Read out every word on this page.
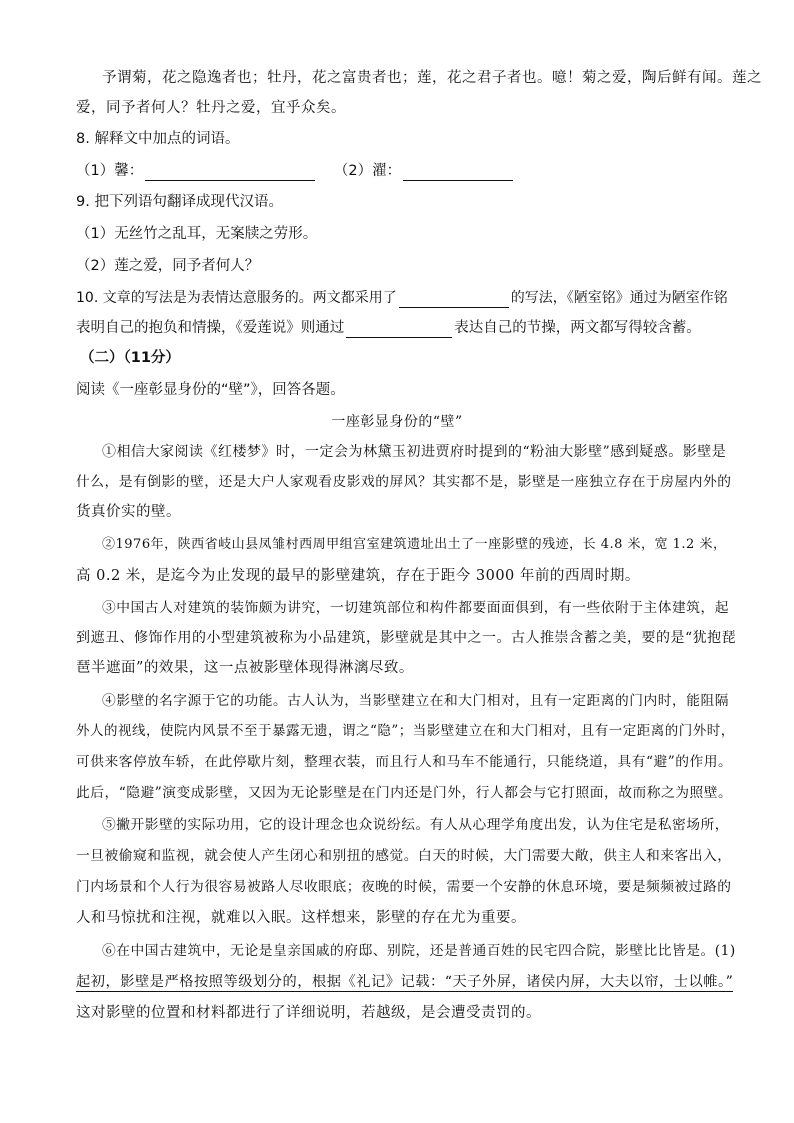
予谓菊，花之隐逸者也；牡丹，花之富贵者也；莲，花之君子者也。噫！菊之爱，陶后鲜有闻。莲之
爱，同予者何人？牡丹之爱，宜乎众矣。
8. 解释文中加点的词语。
（1）馨：	（2）濯：
9. 把下列语句翻译成现代汉语。
（1）无丝竹之乱耳，无案牍之劳形。
（2）莲之爱，同予者何人？
10. 文章的写法是为表情达意服务的。两文都采用了	的写法，《陋室铭》通过为陋室作铭
表明自己的抱负和情操，《爱莲说》则通过	表达自己的节操，两文都写得较含蓄。
（二）（11分）
阅读《一座彰显身份的“壁”》，回答各题。
一座彰显身份的“壁”
①相信大家阅读《红楼梦》时，一定会为林黛玉初进贾府时提到的“粉油大影壁”感到疑惑。影壁是
什么，是有倒影的壁，还是大户人家观看皮影戏的屏风？其实都不是，影壁是一座独立存在于房屋内外的
货真价实的壁。
②1976年，陕西省岐山县凤雏村西周甲组宫室建筑遗址出土了一座影壁的残迹，长 4.8 米，宽 1.2 米，
高 0.2 米，是迄今为止发现的最早的影壁建筑，存在于距今 3000 年前的西周时期。
③中国古人对建筑的装饰颇为讲究，一切建筑部位和构件都要面面俱到，有一些依附于主体建筑，起
到遮丑、修饰作用的小型建筑被称为小品建筑，影壁就是其中之一。古人推崇含蓄之美，要的是“犹抱琵
琶半遮面”的效果，这一点被影壁体现得淋漓尽致。
④影壁的名字源于它的功能。古人认为，当影壁建立在和大门相对，且有一定距离的门内时，能阻隔
外人的视线，使院内风景不至于暴露无遗，谓之“隐”；当影壁建立在和大门相对，且有一定距离的门外时，
可供来客停放车轿，在此停歇片刻，整理衣装，而且行人和马车不能通行，只能绕道，具有“避”的作用。
此后，“隐避”演变成影壁，又因为无论影壁是在门内还是门外，行人都会与它打照面，故而称之为照壁。
⑤撇开影壁的实际功用，它的设计理念也众说纷纭。有人从心理学角度出发，认为住宅是私密场所，
一旦被偷窥和监视，就会使人产生闭心和别扭的感觉。白天的时候，大门需要大敞，供主人和来客出入，
门内场景和个人行为很容易被路人尽收眼底；夜晚的时候，需要一个安静的休息环境，要是频频被过路的
人和马惊扰和注视，就难以入眠。这样想来，影壁的存在尤为重要。
⑥在中国古建筑中，无论是皇亲国戚的府邸、别院，还是普通百姓的民宅四合院，影壁比比皆是。(1)
起初，影壁是严格按照等级划分的，根据《礼记》记载：“天子外屏，诸侯内屏，大夫以帘，士以帷。”
这对影壁的位置和材料都进行了详细说明，若越级，是会遭受责罚的。
